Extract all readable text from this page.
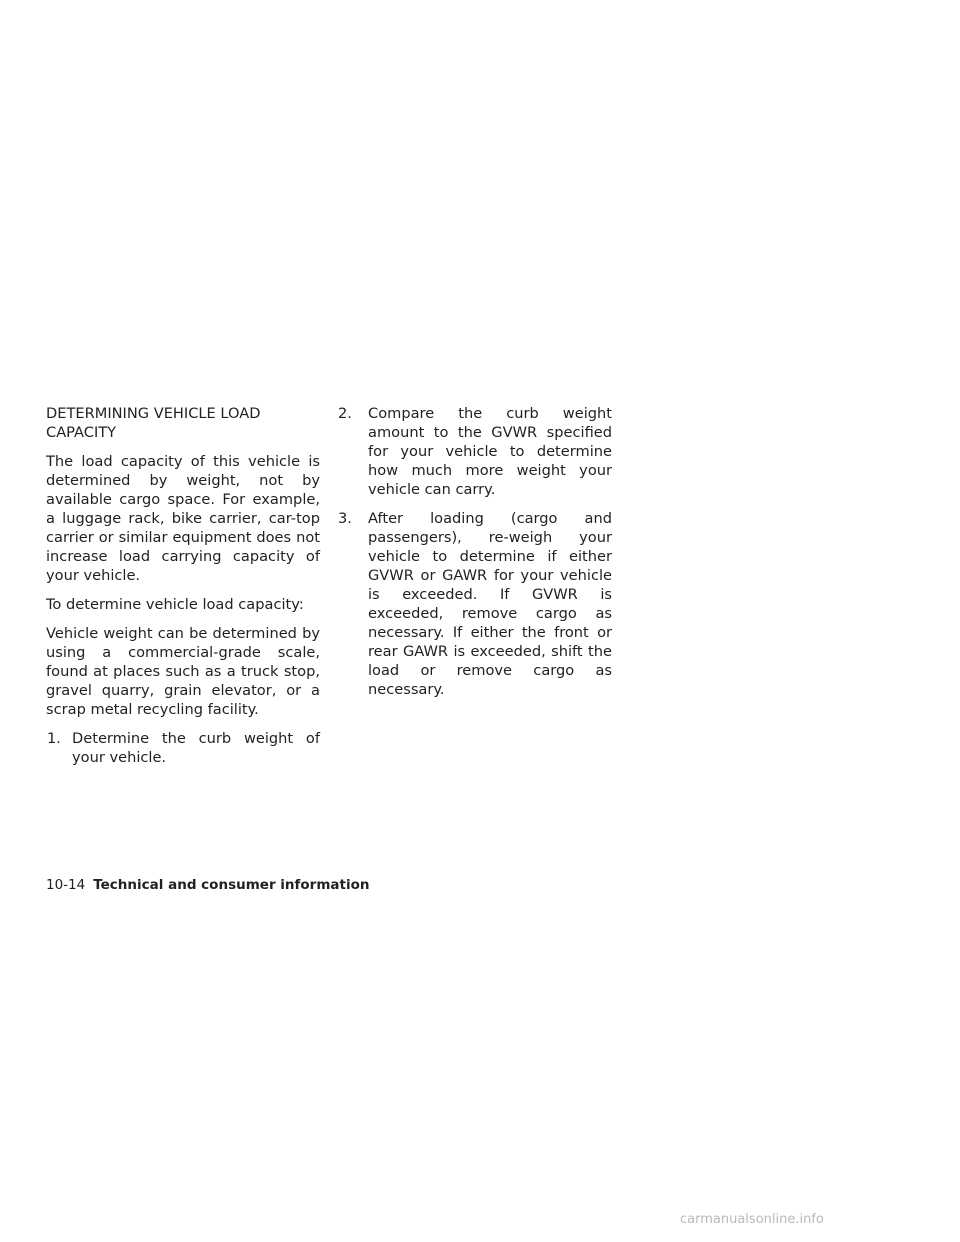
DETERMINING VEHICLE LOAD CAPACITY

The load capacity of this vehicle is determined by weight, not by available cargo space. For example, a luggage rack, bike carrier, car-top carrier or similar equipment does not increase load carrying capacity of your vehicle.

To determine vehicle load capacity:

Vehicle weight can be determined by using a commercial-grade scale, found at places such as a truck stop, gravel quarry, grain elevator, or a scrap metal recycling facility.

1. Determine the curb weight of your vehicle.
2. Compare the curb weight amount to the GVWR specified for your vehicle to determine how much more weight your vehicle can carry.
3. After loading (cargo and passengers), re-weigh your vehicle to determine if either GVWR or GAWR for your vehicle is exceeded. If GVWR is exceeded, remove cargo as necessary. If either the front or rear GAWR is exceeded, shift the load or remove cargo as necessary.
10-14 Technical and consumer information
carmanualsonline.info
